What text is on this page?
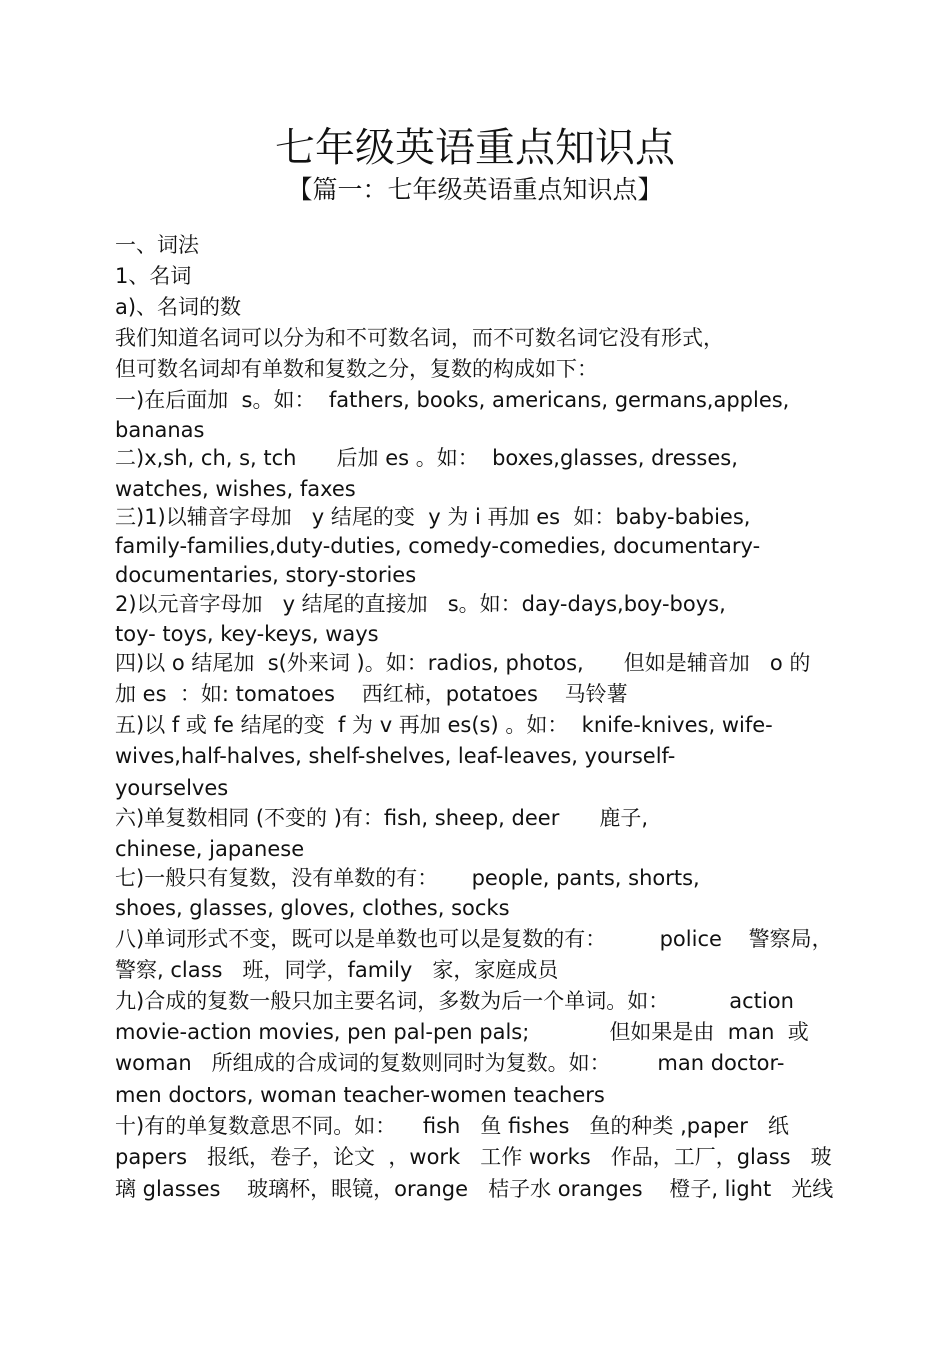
七年级英语重点知识点
【篇一：七年级英语重点知识点】
一、词法
1、名词
a)、名词的数
我们知道名词可以分为和不可数名词，而不可数名词它没有形式，
但可数名词却有单数和复数之分，复数的构成如下：
一)在后面加  s。如：  fathers, books, americans, germans,apples,
bananas
二)x,sh, ch, s, tch      后加 es 。如：  boxes,glasses, dresses,
watches, wishes, faxes
三)1)以辅音字母加   y 结尾的变  y 为 i 再加 es  如：baby-babies,
family-families,duty-duties, comedy-comedies, documentary-
documentaries, story-stories
2)以元音字母加   y 结尾的直接加   s。如：day-days,boy-boys,
toy- toys, key-keys, ways
四)以 o 结尾加  s(外来词 )。如：radios, photos,      但如是辅音加   o 的
加 es  ：如: tomatoes    西红柿，potatoes    马铃薯
五)以 f 或 fe 结尾的变  f 为 v 再加 es(s) 。如：  knife-knives, wife-
wives,half-halves, shelf-shelves, leaf-leaves, yourself-
yourselves
六)单复数相同 (不变的 )有：fish, sheep, deer      鹿子,
chinese, japanese
七)一般只有复数，没有单数的有：     people, pants, shorts,
shoes, glasses, gloves, clothes, socks
八)单词形式不变，既可以是单数也可以是复数的有：        police    警察局，
警察, class   班，同学，family   家，家庭成员
九)合成的复数一般只加主要名词，多数为后一个单词。如：         action
movie-action movies, pen pal-pen pals;            但如果是由  man  或
woman   所组成的合成词的复数则同时为复数。如：       man doctor-
men doctors, woman teacher-women teachers
十)有的单复数意思不同。如：    fish   鱼 fishes   鱼的种类 ,paper   纸
papers   报纸，卷子，论文  ，work   工作 works   作品，工厂，glass   玻
璃 glasses    玻璃杯，眼镜，orange   桔子水 oranges    橙子, light   光线
